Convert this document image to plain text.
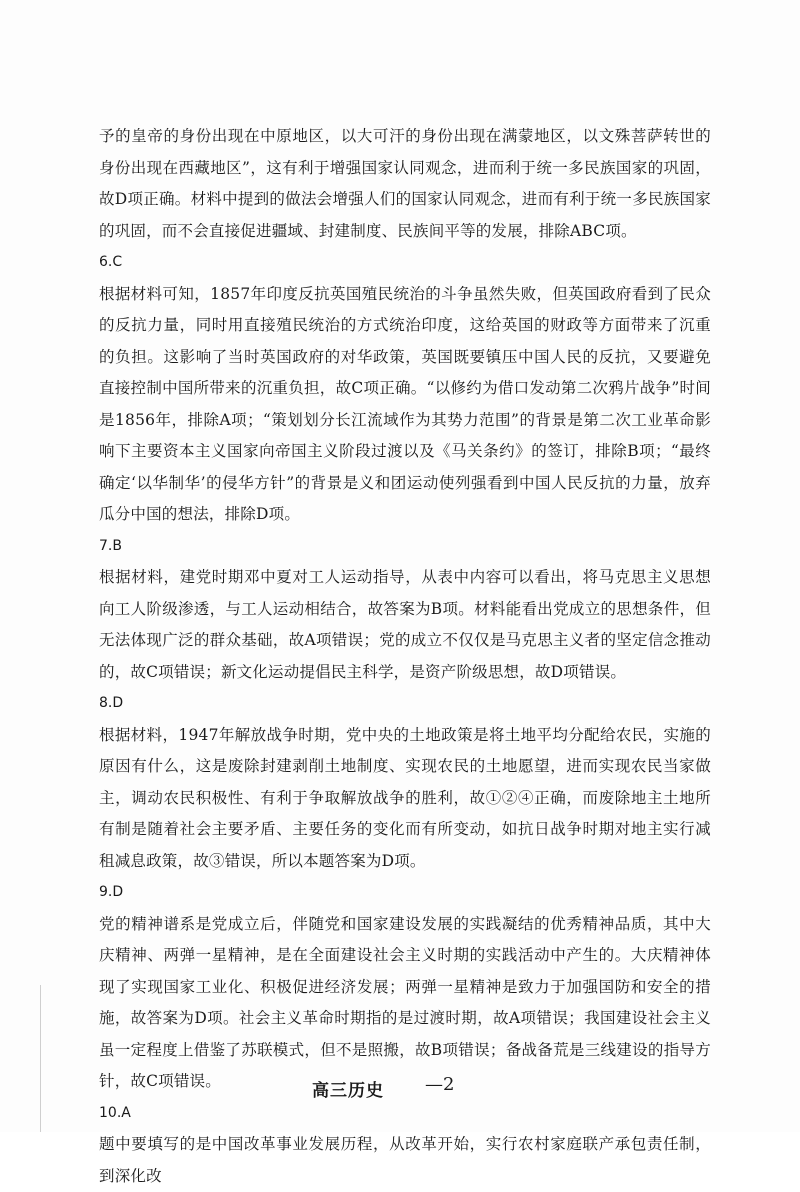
予的皇帝的身份出现在中原地区，以大可汗的身份出现在满蒙地区，以文殊菩萨转世的身份出现在西藏地区”，这有利于增强国家认同观念，进而利于统一多民族国家的巩固，故D项正确。材料中提到的做法会增强人们的国家认同观念，进而有利于统一多民族国家的巩固，而不会直接促进疆域、封建制度、民族间平等的发展，排除ABC项。

6.C

根据材料可知，1857年印度反抗英国殖民统治的斗争虽然失败，但英国政府看到了民众的反抗力量，同时用直接殖民统治的方式统治印度，这给英国的财政等方面带来了沉重的负担。这影响了当时英国政府的对华政策，英国既要镇压中国人民的反抗，又要避免直接控制中国所带来的沉重负担，故C项正确。“以修约为借口发动第二次鸦片战争”时间是1856年，排除A项；“策划划分长江流域作为其势力范围”的背景是第二次工业革命影响下主要资本主义国家向帝国主义阶段过渡以及《马关条约》的签订，排除B项；“最终确定‘以华制华’的侵华方针”的背景是义和团运动使列强看到中国人民反抗的力量，放弃瓜分中国的想法，排除D项。

7.B

根据材料，建党时期邓中夏对工人运动指导，从表中内容可以看出，将马克思主义思想向工人阶级渗透，与工人运动相结合，故答案为B项。材料能看出党成立的思想条件，但无法体现广泛的群众基础，故A项错误；党的成立不仅仅是马克思主义者的坚定信念推动的，故C项错误；新文化运动提倡民主科学，是资产阶级思想，故D项错误。

8.D

根据材料，1947年解放战争时期，党中央的土地政策是将土地平均分配给农民，实施的原因有什么，这是废除封建剥削土地制度、实现农民的土地愿望，进而实现农民当家做主，调动农民积极性、有利于争取解放战争的胜利，故①②④正确，而废除地主土地所有制是随着社会主要矛盾、主要任务的变化而有所变动，如抗日战争时期对地主实行减租减息政策，故③错误，所以本题答案为D项。

9.D

党的精神谱系是党成立后，伴随党和国家建设发展的实践凝结的优秀精神品质，其中大庆精神、两弹一星精神，是在全面建设社会主义时期的实践活动中产生的。大庆精神体现了实现国家工业化、积极促进经济发展；两弹一星精神是致力于加强国防和安全的措施，故答案为D项。社会主义革命时期指的是过渡时期，故A项错误；我国建设社会主义虽一定程度上借鉴了苏联模式，但不是照搬，故B项错误；备战备荒是三线建设的指导方针，故C项错误。

10.A

题中要填写的是中国改革事业发展历程，从改革开始，实行农村家庭联产承包责任制，到深化改

高三历史 —2
